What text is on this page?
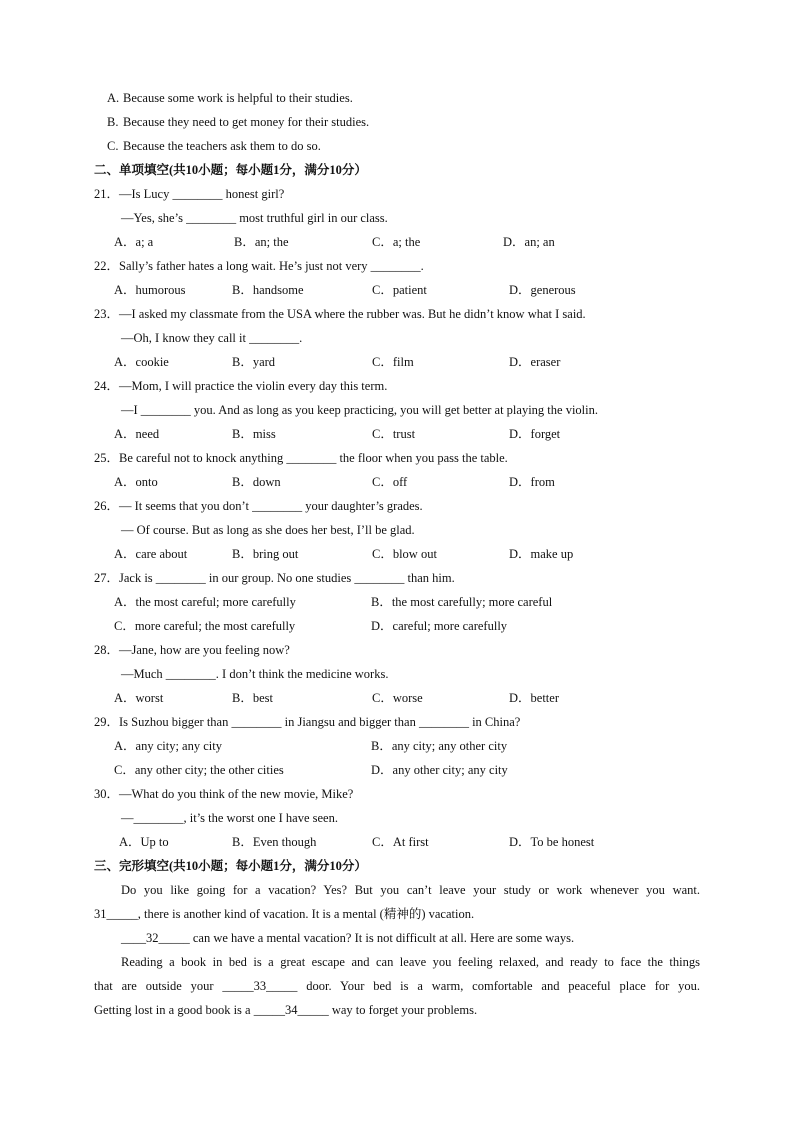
A. Because some work is helpful to their studies.
B. Because they need to get money for their studies.
C. Because the teachers ask them to do so.
二、单项填空(共10小题；每小题1分，满分10分）
21．—Is Lucy ________ honest girl?
—Yes, she’s ________ most truthful girl in our class.
A．a; a	B．an; the	C．a; the	D．an; an
22．Sally’s father hates a long wait. He’s just not very ________.
A．humorous	B．handsome	C．patient	D．generous
23．—I asked my classmate from the USA where the rubber was. But he didn’t know what I said.
—Oh, I know they call it ________.
A．cookie	B．yard	C．film	D．eraser
24．—Mom, I will practice the violin every day this term.
—I ________ you. And as long as you keep practicing, you will get better at playing the violin.
A．need	B．miss	C．trust	D．forget
25．Be careful not to knock anything ________ the floor when you pass the table.
A．onto	B．down	C．off	D．from
26．— It seems that you don’t ________ your daughter’s grades.
— Of course. But as long as she does her best, I’ll be glad.
A．care about	B．bring out	C．blow out	D．make up
27．Jack is ________ in our group. No one studies ________ than him.
A．the most careful; more carefully	B．the most carefully; more careful
C．more careful; the most carefully	D．careful; more carefully
28．—Jane, how are you feeling now?
—Much ________. I don’t think the medicine works.
A．worst	B．best	C．worse	D．better
29．Is Suzhou bigger than ________ in Jiangsu and bigger than ________ in China?
A．any city; any city	B．any city; any other city
C．any other city; the other cities	D．any other city; any city
30．—What do you think of the new movie, Mike?
—________, it’s the worst one I have seen.
A．Up to	B．Even though	C．At first	D．To be honest
三、完形填空(共10小题；每小题1分，满分10分）
Do you like going for a vacation? Yes? But you can’t leave your study or work whenever you want.
31_____, there is another kind of vacation. It is a mental (精神的) vacation.
____32_____ can we have a mental vacation? It is not difficult at all. Here are some ways.
Reading a book in bed is a great escape and can leave you feeling relaxed, and ready to face the things
that are outside your _____33_____ door. Your bed is a warm, comfortable and peaceful place for you.
Getting lost in a good book is a _____34_____ way to forget your problems.
